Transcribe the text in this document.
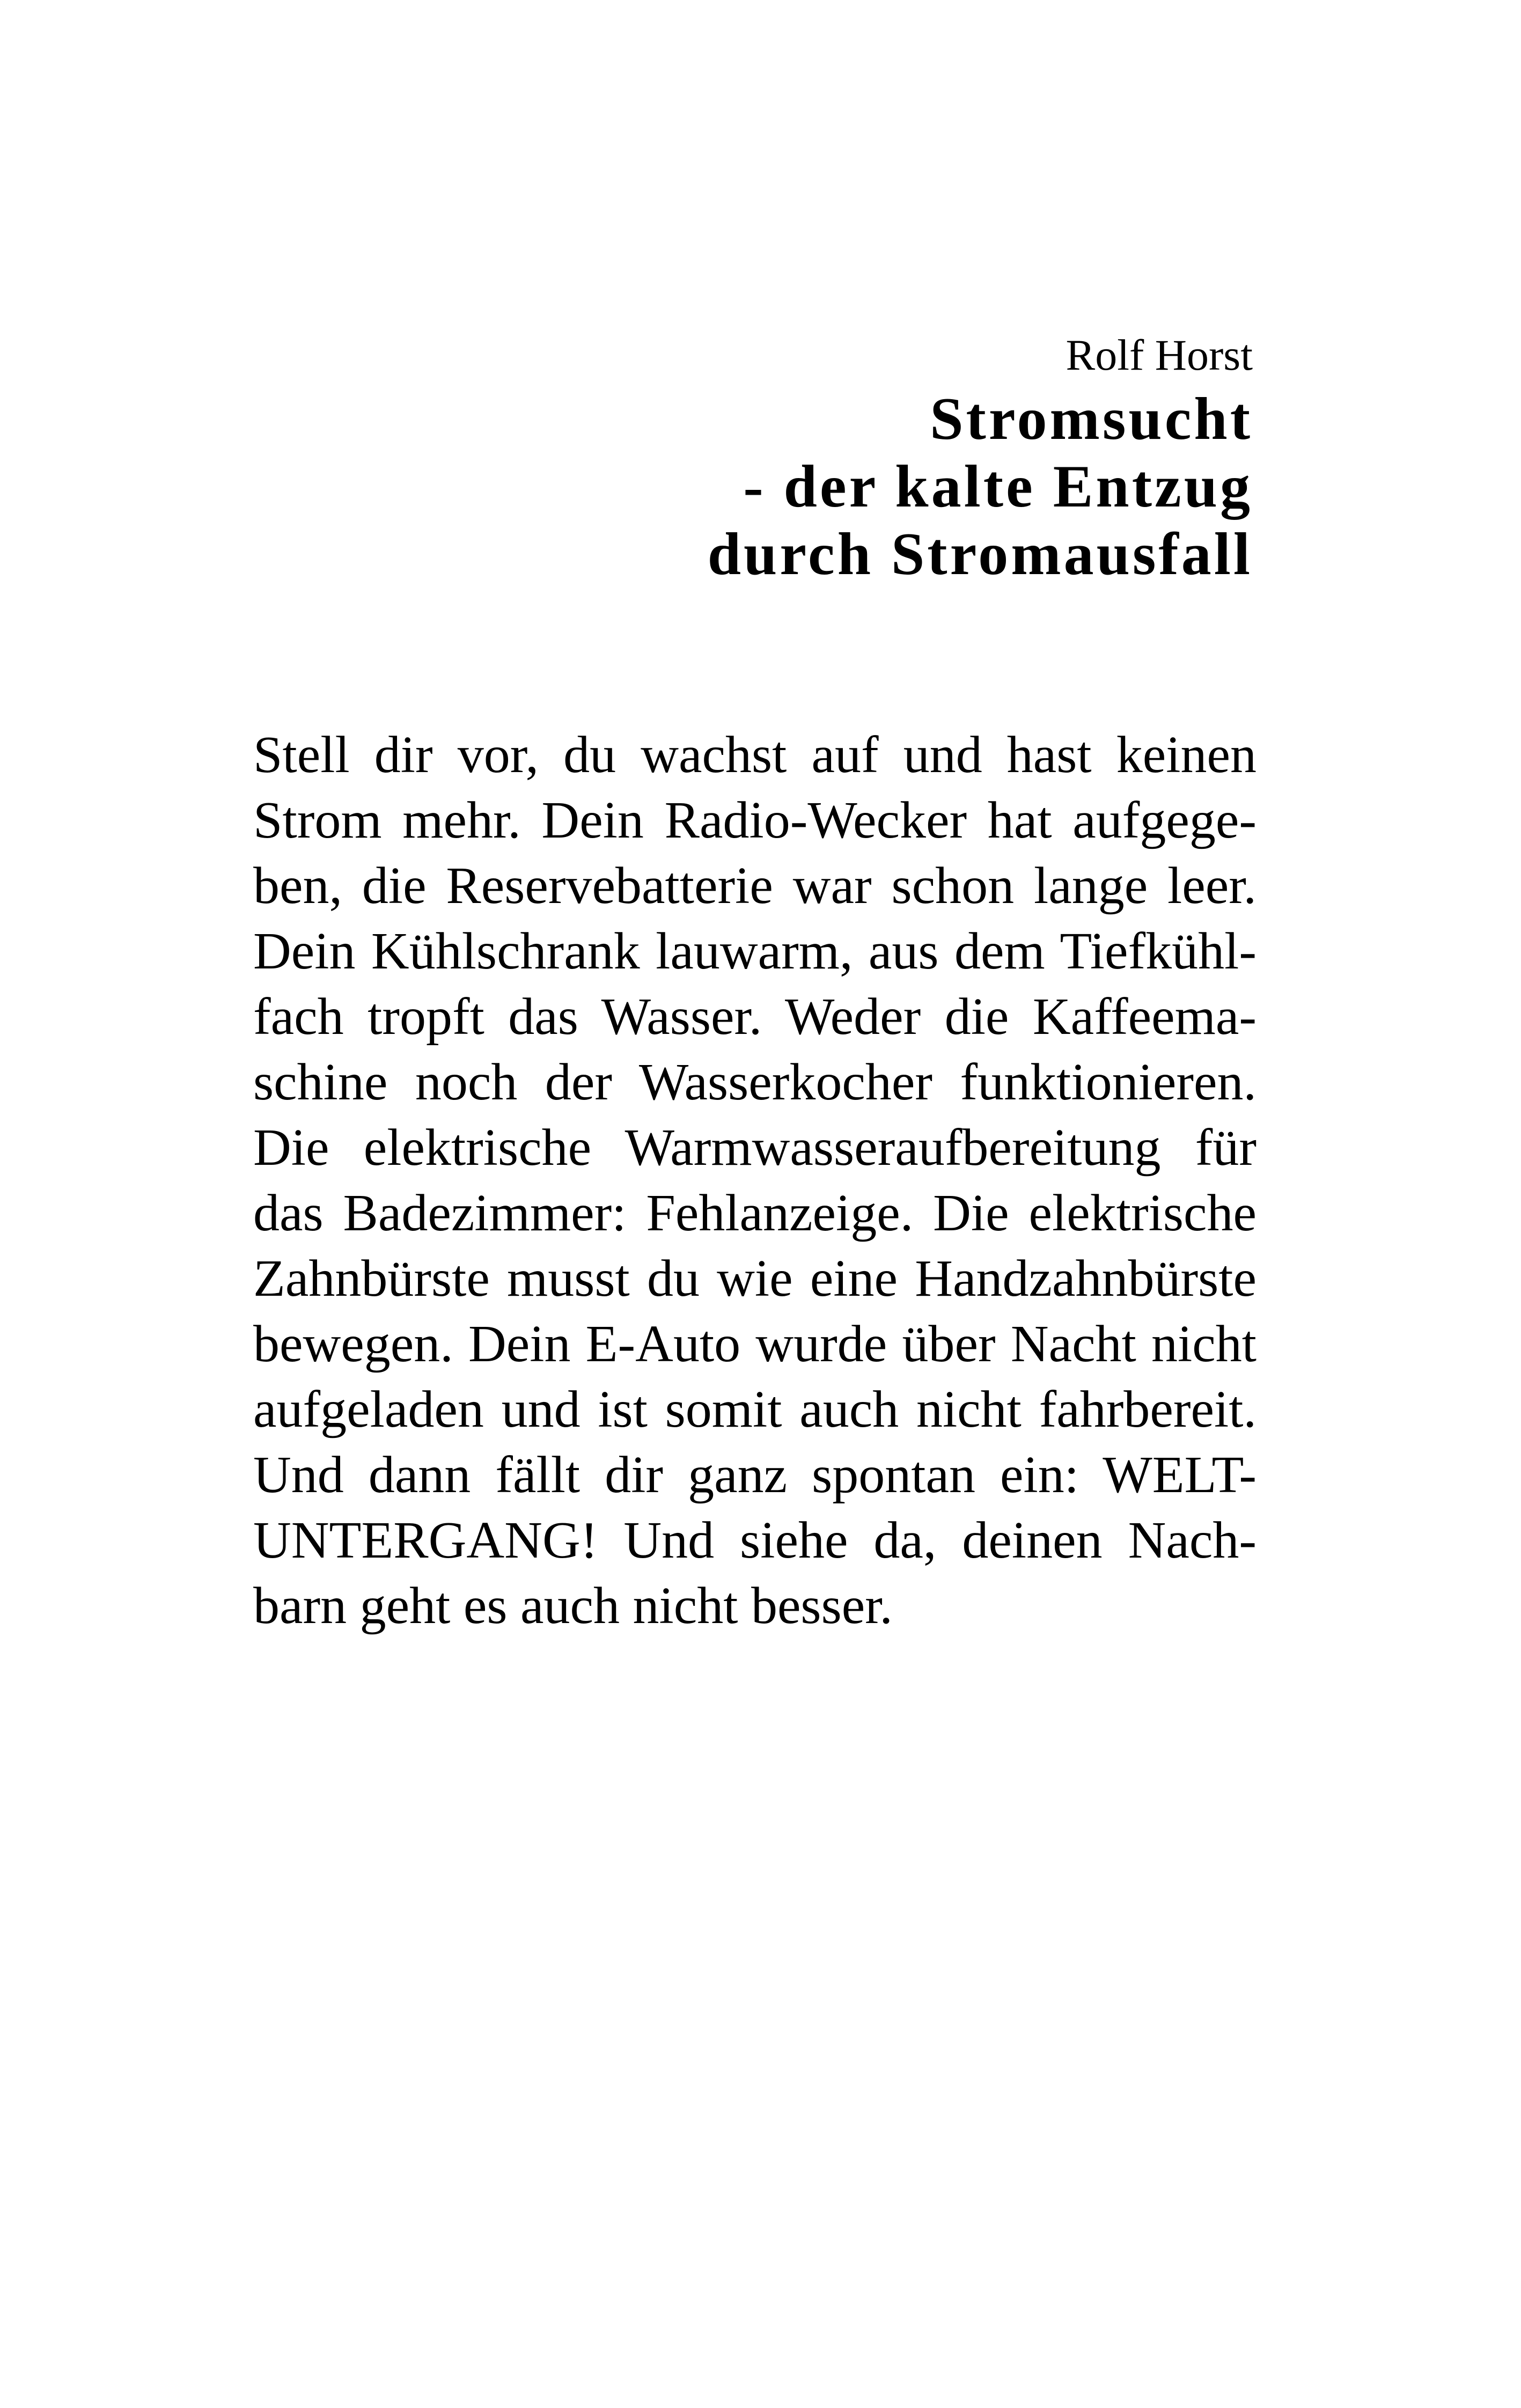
Rolf Horst
Stromsucht
- der kalte Entzug
durch Stromausfall
Stell dir vor, du wachst auf und hast keinen
Strom mehr. Dein Radio-Wecker hat aufgege-
ben, die Reservebatterie war schon lange leer.
Dein Kühlschrank lauwarm, aus dem Tiefkühl-
fach tropft das Wasser. Weder die Kaffeema-
schine noch der Wasserkocher funktionieren.
Die elektrische Warmwasseraufbereitung für
das Badezimmer: Fehlanzeige. Die elektrische
Zahnbürste musst du wie eine Handzahnbürste
bewegen. Dein E-Auto wurde über Nacht nicht
aufgeladen und ist somit auch nicht fahrbereit.
Und dann fällt dir ganz spontan ein: WELT-
UNTERGANG! Und siehe da, deinen Nach-
barn geht es auch nicht besser.
